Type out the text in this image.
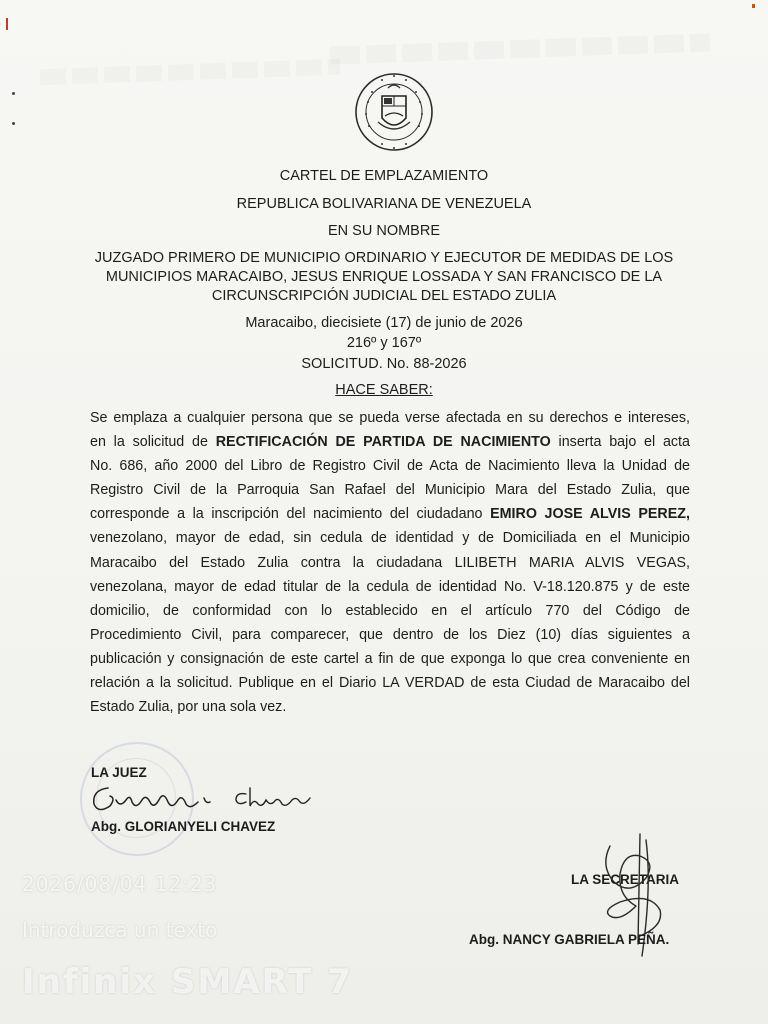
CARTEL DE EMPLAZAMIENTO
REPUBLICA BOLIVARIANA DE VENEZUELA
EN SU NOMBRE
JUZGADO PRIMERO DE MUNICIPIO ORDINARIO Y EJECUTOR DE MEDIDAS DE LOS
MUNICIPIOS MARACAIBO, JESUS ENRIQUE LOSSADA Y SAN FRANCISCO DE LA
CIRCUNSCRIPCIÓN JUDICIAL DEL ESTADO ZULIA
Maracaibo, diecisiete (17) de junio de 2026
216º y 167º
SOLICITUD. No. 88-2026
HACE SABER:
Se emplaza a cualquier persona que se pueda verse afectada en su derechos e intereses,
en la solicitud de RECTIFICACIÓN DE PARTIDA DE NACIMIENTO inserta bajo el acta
No. 686, año 2000 del Libro de Registro Civil de Acta de Nacimiento lleva la Unidad de
Registro Civil de la Parroquia San Rafael del Municipio Mara del Estado Zulia, que
corresponde a la inscripción del nacimiento del ciudadano EMIRO JOSE ALVIS PEREZ,
venezolano, mayor de edad, sin cedula de identidad y de Domiciliada en el Municipio
Maracaibo del Estado Zulia contra la ciudadana LILIBETH MARIA ALVIS VEGAS,
venezolana, mayor de edad titular de la cedula de identidad No. V-18.120.875 y de este
domicilio, de conformidad con lo establecido en el artículo 770 del Código de
Procedimiento Civil, para comparecer, que dentro de los Diez (10) días siguientes a
publicación y consignación de este cartel a fin de que exponga lo que crea conveniente en
relación a la solicitud. Publique en el Diario LA VERDAD de esta Ciudad de Maracaibo del
Estado Zulia, por una sola vez.
LA JUEZ
Abg. GLORIANYELI CHAVEZ
LA SECRETARIA
Abg. NANCY GABRIELA PEÑA.
2026/08/04 12:23
Introduzca un texto
Infinix SMART 7
